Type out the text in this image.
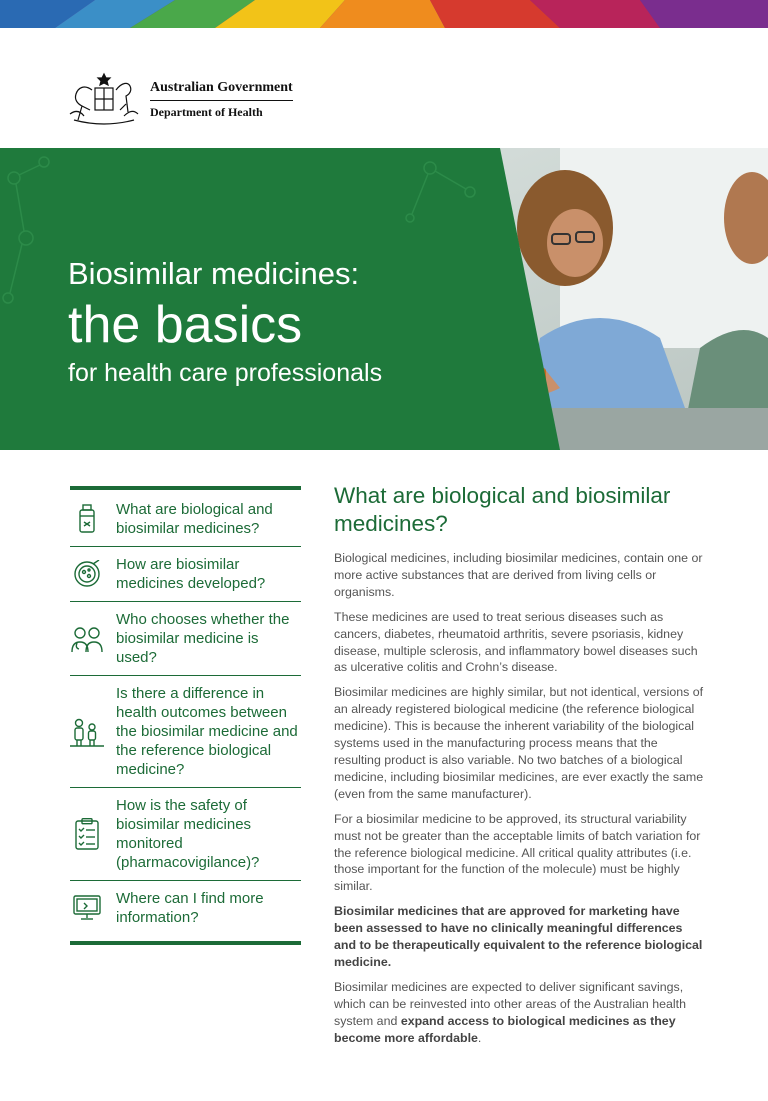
Australian Government
Department of Health
Biosimilar medicines:
the basics
for health care professionals
What are biological and biosimilar medicines?
How are biosimilar medicines developed?
Who chooses whether the biosimilar medicine is used?
Is there a difference in health outcomes between the biosimilar medicine and the reference biological medicine?
How is the safety of biosimilar medicines monitored (pharmacovigilance)?
Where can I find more information?
What are biological and biosimilar medicines?

Biological medicines, including biosimilar medicines, contain one or more active substances that are derived from living cells or organisms.

These medicines are used to treat serious diseases such as cancers, diabetes, rheumatoid arthritis, severe psoriasis, kidney disease, multiple sclerosis, and inflammatory bowel diseases such as ulcerative colitis and Crohn’s disease.

Biosimilar medicines are highly similar, but not identical, versions of an already registered biological medicine (the reference biological medicine). This is because the inherent variability of the biological systems used in the manufacturing process means that the resulting product is also variable. No two batches of a biological medicine, including biosimilar medicines, are ever exactly the same (even from the same manufacturer).

For a biosimilar medicine to be approved, its structural variability must not be greater than the acceptable limits of batch variation for the reference biological medicine. All critical quality attributes (i.e. those important for the function of the molecule) must be highly similar.

Biosimilar medicines that are approved for marketing have been assessed to have no clinically meaningful differences and to be therapeutically equivalent to the reference biological medicine.

Biosimilar medicines are expected to deliver significant savings, which can be reinvested into other areas of the Australian health system and expand access to biological medicines as they become more affordable.
